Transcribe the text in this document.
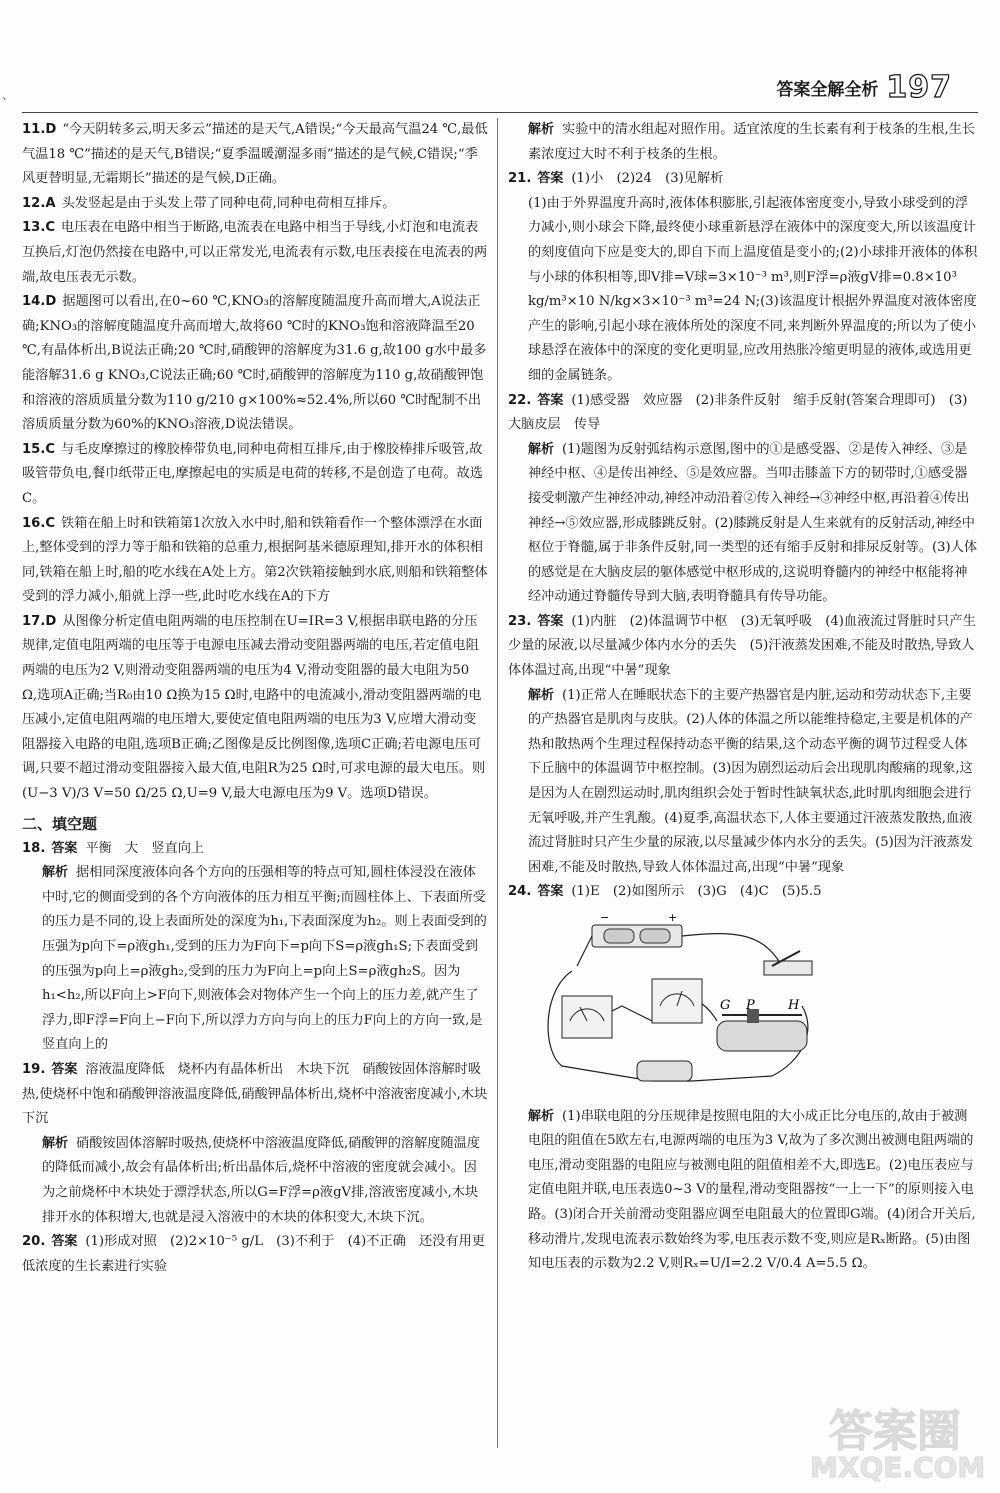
、	答案全解全析 197

11.D “今天阴转多云,明天多云”描述的是天气,A错误;“今天最高气温24 ℃,最低气温18 ℃”描述的是天气,B错误;“夏季温暖潮湿多雨”描述的是气候,C错误;“季风更替明显,无霜期长”描述的是气候,D正确。

12.A 头发竖起是由于头发上带了同种电荷,同种电荷相互排斥。

13.C 电压表在电路中相当于断路,电流表在电路中相当于导线,小灯泡和电流表互换后,灯泡仍然接在电路中,可以正常发光,电流表有示数,电压表接在电流表的两端,故电压表无示数。

14.D 据题图可以看出,在0~60 ℃,KNO₃的溶解度随温度升高而增大,A说法正确;KNO₃的溶解度随温度升高而增大,故将60 ℃时的KNO₃饱和溶液降温至20 ℃,有晶体析出,B说法正确;20 ℃时,硝酸钾的溶解度为31.6 g,故100 g水中最多能溶解31.6 g KNO₃,C说法正确;60 ℃时,硝酸钾的溶解度为110 g,故硝酸钾饱和溶液的溶质质量分数为110 g/210 g×100%≈52.4%,所以60 ℃时配制不出溶质质量分数为60%的KNO₃溶液,D说法错误。

15.C 与毛皮摩擦过的橡胶棒带负电,同种电荷相互排斥,由于橡胶棒排斥吸管,故吸管带负电,餐巾纸带正电,摩擦起电的实质是电荷的转移,不是创造了电荷。故选C。

16.C 铁箱在船上时和铁箱第1次放入水中时,船和铁箱看作一个整体漂浮在水面上,整体受到的浮力等于船和铁箱的总重力,根据阿基米德原理知,排开水的体积相同,铁箱在船上时,船的吃水线在A处上方。第2次铁箱接触到水底,则船和铁箱整体受到的浮力减小,船就上浮一些,此时吃水线在A的下方

17.D 从图像分析定值电阻两端的电压控制在U=IR=3 V,根据串联电路的分压规律,定值电阻两端的电压等于电源电压减去滑动变阻器两端的电压,若定值电阻两端的电压为2 V,则滑动变阻器两端的电压为4 V,滑动变阻器的最大电阻为50 Ω,选项A正确;当R₀由10 Ω换为15 Ω时,电路中的电流减小,滑动变阻器两端的电压减小,定值电阻两端的电压增大,要使定值电阻两端的电压为3 V,应增大滑动变阻器接入电路的电阻,选项B正确;乙图像是反比例图像,选项C正确;若电源电压可调,只要不超过滑动变阻器接入最大值,电阻R为25 Ω时,可求电源的最大电压。则(U−3 V)/3 V=50 Ω/25 Ω,U=9 V,最大电源电压为9 V。选项D错误。

二、填空题

18. 答案 平衡　大　竖直向上

解析 据相同深度液体向各个方向的压强相等的特点可知,圆柱体浸没在液体中时,它的侧面受到的各个方向液体的压力相互平衡;而圆柱体上、下表面所受的压力是不同的,设上表面所处的深度为h₁,下表面深度为h₂。则上表面受到的压强为p向下=ρ液gh₁,受到的压力为F向下=p向下S=ρ液gh₁S;下表面受到的压强为p向上=ρ液gh₂,受到的压力为F向上=p向上S=ρ液gh₂S。因为h₁<h₂,所以F向上>F向下,则液体会对物体产生一个向上的压力差,就产生了浮力,即F浮=F向上−F向下,所以浮力方向与向上的压力F向上的方向一致,是竖直向上的

19. 答案 溶液温度降低　烧杯内有晶体析出　木块下沉　硝酸铵固体溶解时吸热,使烧杯中饱和硝酸钾溶液温度降低,硝酸钾晶体析出,烧杯中溶液密度减小,木块下沉

解析 硝酸铵固体溶解时吸热,使烧杯中溶液温度降低,硝酸钾的溶解度随温度的降低而减小,故会有晶体析出;析出晶体后,烧杯中溶液的密度就会减小。因为之前烧杯中木块处于漂浮状态,所以G=F浮=ρ液gV排,溶液密度减小,木块排开水的体积增大,也就是浸入溶液中的木块的体积变大,木块下沉。

20. 答案 (1)形成对照　(2)2×10⁻⁵ g/L　(3)不利于　(4)不正确　还没有用更低浓度的生长素进行实验

解析 实验中的清水组起对照作用。适宜浓度的生长素有利于枝条的生根,生长素浓度过大时不利于枝条的生根。

21. 答案 (1)小　(2)24　(3)见解析

(1)由于外界温度升高时,液体体积膨胀,引起液体密度变小,导致小球受到的浮力减小,则小球会下降,最终使小球重新悬浮在液体中的深度变大,所以该温度计的刻度值向下应是变大的,即自下而上温度值是变小的;(2)小球排开液体的体积与小球的体积相等,即V排=V球=3×10⁻³ m³,则F浮=ρ液gV排=0.8×10³ kg/m³×10 N/kg×3×10⁻³ m³=24 N;(3)该温度计根据外界温度对液体密度产生的影响,引起小球在液体所处的深度不同,来判断外界温度的;所以为了使小球悬浮在液体中的深度的变化更明显,应改用热胀冷缩更明显的液体,或选用更细的金属链条。

22. 答案 (1)感受器　效应器　(2)非条件反射　缩手反射(答案合理即可)　(3)大脑皮层　传导

解析 (1)题图为反射弧结构示意图,图中的①是感受器、②是传入神经、③是神经中枢、④是传出神经、⑤是效应器。当叩击膝盖下方的韧带时,①感受器接受刺激产生神经冲动,神经冲动沿着②传入神经→③神经中枢,再沿着④传出神经→⑤效应器,形成膝跳反射。(2)膝跳反射是人生来就有的反射活动,神经中枢位于脊髓,属于非条件反射,同一类型的还有缩手反射和排尿反射等。(3)人体的感觉是在大脑皮层的躯体感觉中枢形成的,这说明脊髓内的神经中枢能将神经冲动通过脊髓传导到大脑,表明脊髓具有传导功能。

23. 答案 (1)内脏　(2)体温调节中枢　(3)无氧呼吸　(4)血液流过肾脏时只产生少量的尿液,以尽量减少体内水分的丢失　(5)汗液蒸发困难,不能及时散热,导致人体体温过高,出现“中暑”现象

解析 (1)正常人在睡眠状态下的主要产热器官是内脏,运动和劳动状态下,主要的产热器官是肌肉与皮肤。(2)人体的体温之所以能维持稳定,主要是机体的产热和散热两个生理过程保持动态平衡的结果,这个动态平衡的调节过程受人体下丘脑中的体温调节中枢控制。(3)因为剧烈运动后会出现肌肉酸痛的现象,这是因为人在剧烈运动时,肌肉组织会处于暂时性缺氧状态,此时肌肉细胞会进行无氧呼吸,并产生乳酸。(4)夏季,高温状态下,人体主要通过汗液蒸发散热,血液流过肾脏时只产生少量的尿液,以尽量减少体内水分的丢失。(5)因为汗液蒸发困难,不能及时散热,导致人体体温过高,出现“中暑”现象

24. 答案 (1)E　(2)如图所示　(3)G　(4)C　(5)5.5

−	+
G P	H

解析 (1)串联电阻的分压规律是按照电阻的大小成正比分电压的,故由于被测电阻的阻值在5欧左右,电源两端的电压为3 V,故为了多次测出被测电阻两端的电压,滑动变阻器的电阻应与被测电阻的阻值相差不大,即选E。(2)电压表应与定值电阻并联,电压表选0~3 V的量程,滑动变阻器按“一上一下”的原则接入电路。(3)闭合开关前滑动变阻器应调至电阻最大的位置即G端。(4)闭合开关后,移动滑片,发现电流表示数始终为零,电压表示数不变,则应是Rₓ断路。(5)由图知电压表的示数为2.2 V,则Rₓ=U/I=2.2 V/0.4 A=5.5 Ω。

答案圈
MXQE.COM
